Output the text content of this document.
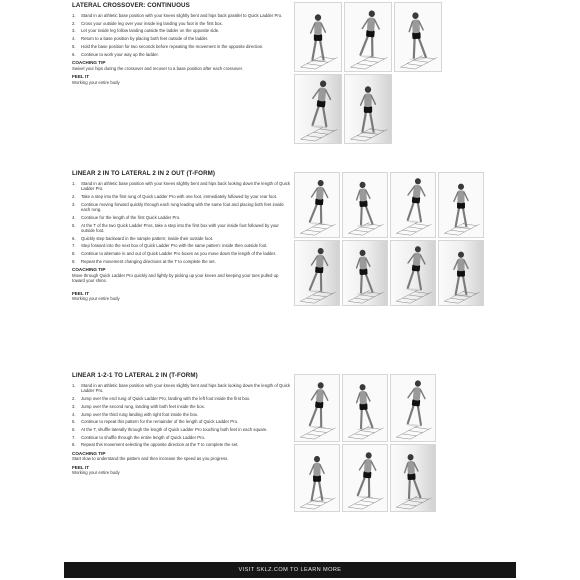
LATERAL CROSSOVER: CONTINUOUS
1.	Stand in an athletic base position with your knees slightly bent and hips back parallel to Quick Ladder Pro.
2.	Cross your outside leg over your inside leg landing you foot in the first box.
3.	Let your inside leg follow landing outside the ladder on the opposite side.
4.	Return to a base position by placing both feet outside of the ladder.
5.	Hold the base position for two seconds before repeating the movement in the opposite direction.
6.	Continue to work your way up the ladder.
COACHING TIP
Swivel your hips during the crossover and recover to a base position after each crossover.
FEEL IT
Working your entire body
LINEAR 2 IN TO LATERAL 2 IN 2 OUT (T-FORM)
1.	Stand in an athletic base position with your knees slightly bent and hips back looking down the length of Quick Ladder Pro.
2.	Take a step into the first rung of Quick Ladder Pro with one foot, immediately followed by your rear foot.
3.	Continue moving forward quickly through each rung leading with the same foot and placing both feet inside each rung.
4.	Continue for the length of the first Quick Ladder Pro.
5.	At the T of the two Quick Ladder Pros, take a step into the first box with your inside foot followed by your outside foot.
6.	Quickly step backward in the sample pattern; inside their outside foot.
7.	Step forward into the next box of Quick Ladder Pro with the same pattern: inside then outside foot.
8.	Continue to alternate in and out of Quick Ladder Pro boxes as you move down the length of the ladder.
9.	Repeat the movement changing directions at the T to complete the set.
COACHING TIP
Move through Quick Ladder Pro quickly and lightly by picking up your knees and keeping your toes pulled up toward your shins.
FEEL IT
Working your entire body
LINEAR 1-2-1 TO LATERAL 2 IN (T-FORM)
1.	Stand in an athletic base position with your knees slightly bent and hips back looking down the length of Quick Ladder Pro.
2.	Jump over the end rung of Quick Ladder Pro, landing with the left foot inside the first box.
3.	Jump over the second rung, landing with both feet inside the box.
4.	Jump over the third rung landing with right foot inside the box.
5.	Continue to repeat this pattern for the remainder of the length of Quick Ladder Pro.
6.	At the T, shuffle laterally through the length of Quick Ladder Pro touching both feet in each square.
7.	Continue to shuffle through the entire length of Quick Ladder Pro.
8.	Repeat this movement selecting the opposite direction at the T to complete the set.
COACHING TIP
Start slow to understand the pattern and then increase the speed as you progress.
FEEL IT
Working your entire body
VISIT SKLZ.COM TO LEARN MORE
